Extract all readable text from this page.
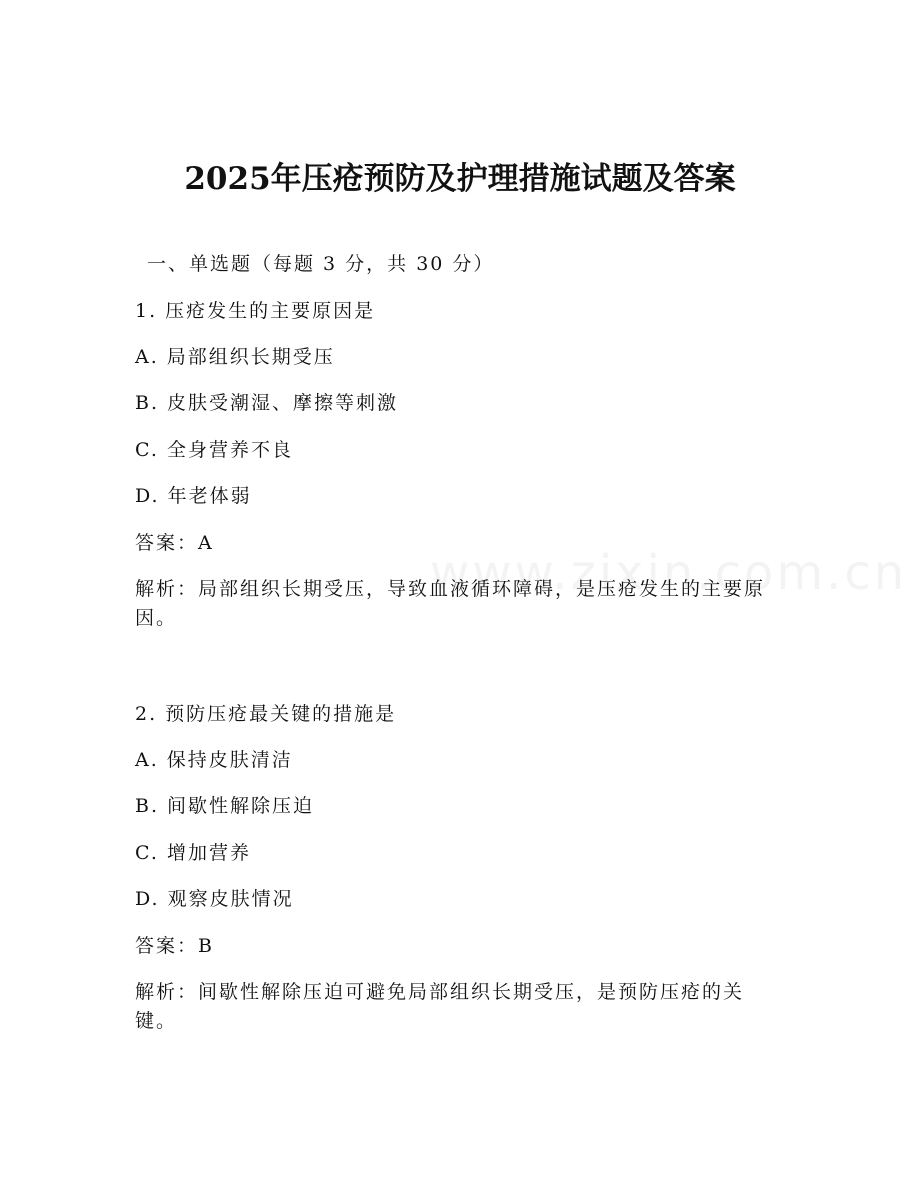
2025年压疮预防及护理措施试题及答案
一、单选题（每题 3 分，共 30 分）
1. 压疮发生的主要原因是
A. 局部组织长期受压
B. 皮肤受潮湿、摩擦等刺激
C. 全身营养不良
D. 年老体弱
答案：A
解析：局部组织长期受压，导致血液循环障碍，是压疮发生的主要原因。
2. 预防压疮最关键的措施是
A. 保持皮肤清洁
B. 间歇性解除压迫
C. 增加营养
D. 观察皮肤情况
答案：B
解析：间歇性解除压迫可避免局部组织长期受压，是预防压疮的关键。
